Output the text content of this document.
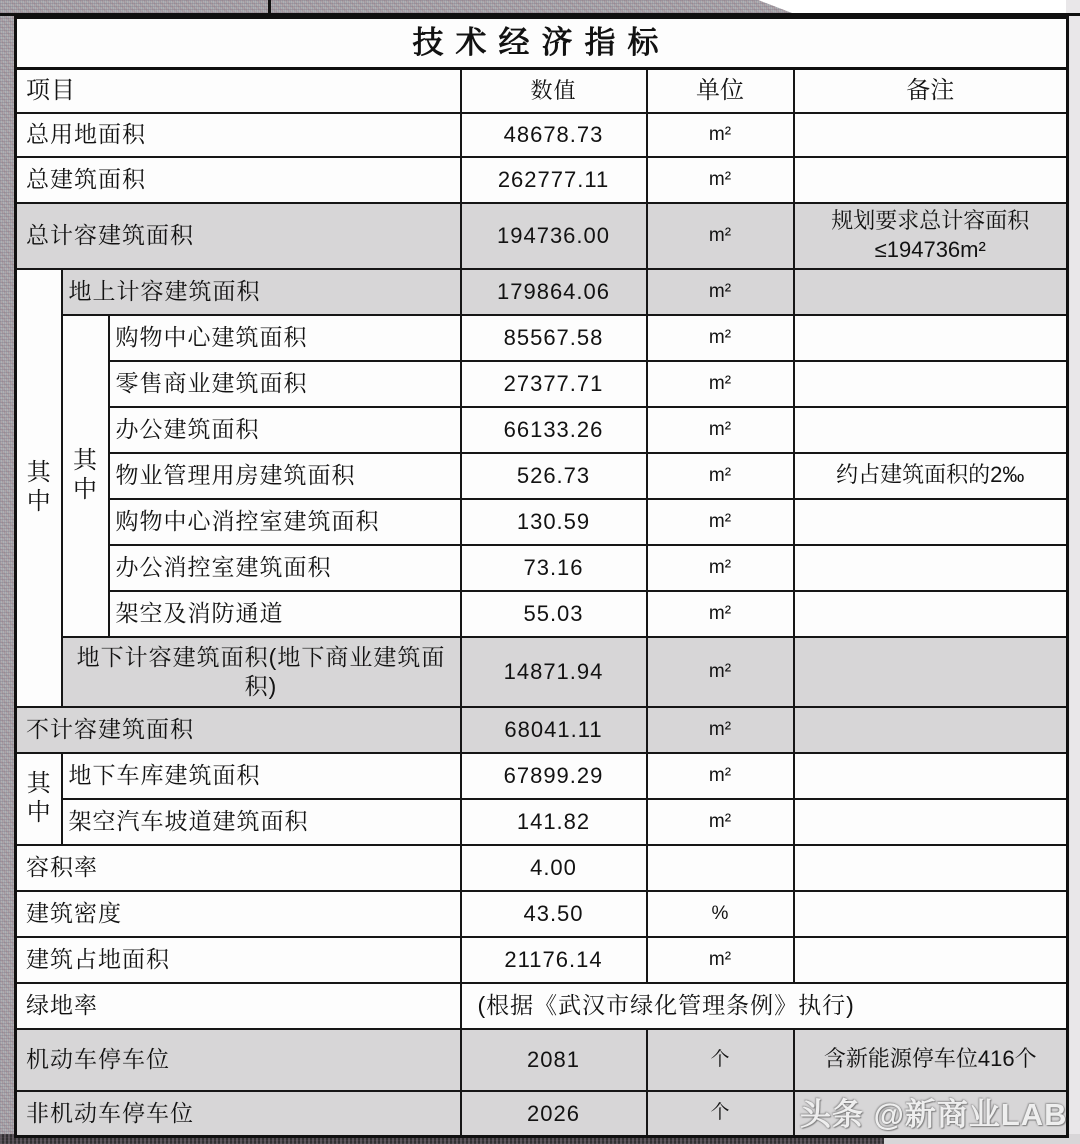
技术经济指标					
项目			数值	单位	备注
总用地面积			48678.73	m²	
总建筑面积			262777.11	m²	
总计容建筑面积			194736.00	m²	规划要求总计容面积≤194736m²

其中	地上计容建筑面积		179864.06	m²	

	其中	购物中心建筑面积	85567.58	m²	
		零售商业建筑面积	27377.71	m²	
		办公建筑面积	66133.26	m²	
		物业管理用房建筑面积	526.73	m²	约占建筑面积的2‰
		购物中心消控室建筑面积	130.59	m²	
		办公消控室建筑面积	73.16	m²	
		架空及消防通道	55.03	m²	
	地下计容建筑面积(地下商业建筑面积)		14871.94	m²	
不计容建筑面积			68041.11	m²	

其中	地下车库建筑面积		67899.29	m²	
	架空汽车坡道建筑面积		141.82	m²	
容积率			4.00		
建筑密度			43.50	%	
建筑占地面积			21176.14	m²	
绿地率			(根据《武汉市绿化管理条例》执行)		
机动车停车位			2081	个	含新能源停车位416个
非机动车停车位			2026	个	头条 @新商业LAB
